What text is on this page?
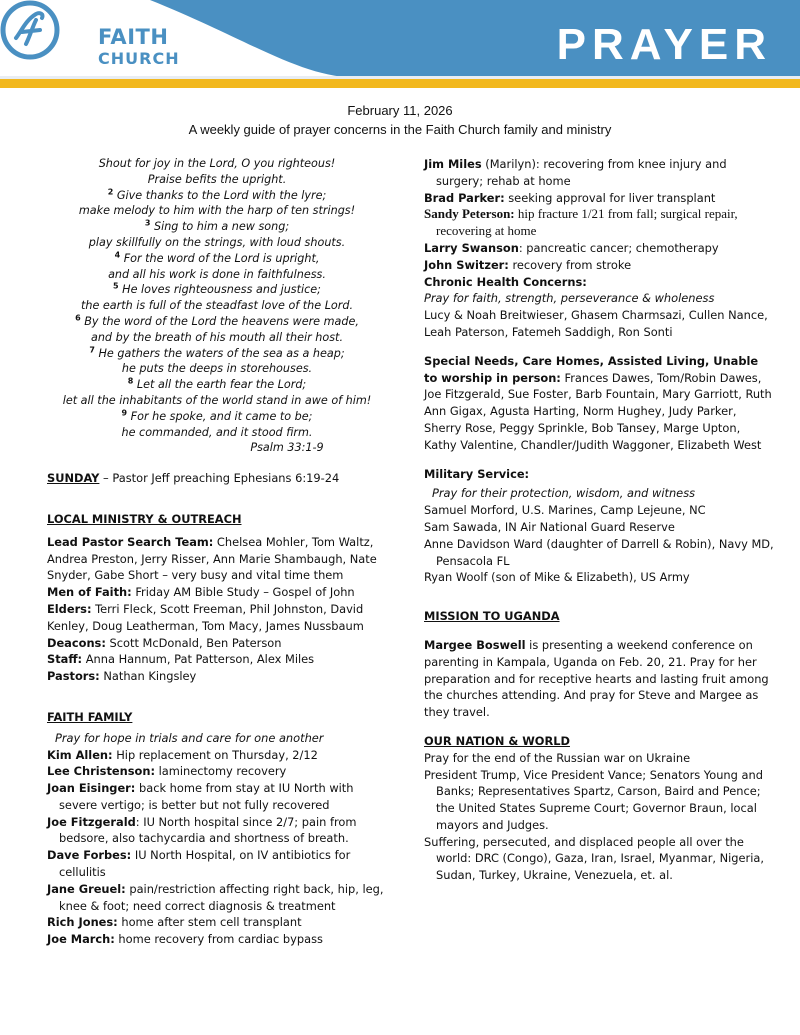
FAITH
CHURCH	PRAYER
February 11, 2026
A weekly guide of prayer concerns in the Faith Church family and ministry
Shout for joy in the Lord, O you righteous!
Praise befits the upright.
$^2$ Give thanks to the Lord with the lyre;
make melody to him with the harp of ten strings!
$^3$ Sing to him a new song;
play skillfully on the strings, with loud shouts.
$^4$ For the word of the Lord is upright,
and all his work is done in faithfulness.
$^5$ He loves righteousness and justice;
the earth is full of the steadfast love of the Lord.
$^6$ By the word of the Lord the heavens were made,
and by the breath of his mouth all their host.
$^7$ He gathers the waters of the sea as a heap;
he puts the deeps in storehouses.
$^8$ Let all the earth fear the Lord;
let all the inhabitants of the world stand in awe of him!
$^9$ For he spoke, and it came to be;
he commanded, and it stood firm.
Psalm 33:1-9

SUNDAY – Pastor Jeff preaching Ephesians 6:19-24

LOCAL MINISTRY & OUTREACH

Lead Pastor Search Team: Chelsea Mohler, Tom Waltz, Andrea Preston, Jerry Risser, Ann Marie Shambaugh, Nate Snyder, Gabe Short – very busy and vital time them

Men of Faith: Friday AM Bible Study – Gospel of John

Elders: Terri Fleck, Scott Freeman, Phil Johnston, David Kenley, Doug Leatherman, Tom Macy, James Nussbaum

Deacons: Scott McDonald, Ben Paterson

Staff: Anna Hannum, Pat Patterson, Alex Miles

Pastors: Nathan Kingsley

FAITH FAMILY

Pray for hope in trials and care for one another

Kim Allen: Hip replacement on Thursday, 2/12

Lee Christenson: laminectomy recovery

Joan Eisinger: back home from stay at IU North with severe vertigo; is better but not fully recovered

Joe Fitzgerald: IU North hospital since 2/7; pain from bedsore, also tachycardia and shortness of breath.

Dave Forbes: IU North Hospital, on IV antibiotics for cellulitis

Jane Greuel: pain/restriction affecting right back, hip, leg, knee & foot; need correct diagnosis & treatment

Rich Jones: home after stem cell transplant

Joe March: home recovery from cardiac bypass

Jim Miles (Marilyn): recovering from knee injury and surgery; rehab at home

Brad Parker: seeking approval for liver transplant

Sandy Peterson: hip fracture 1/21 from fall; surgical repair, recovering at home

Larry Swanson: pancreatic cancer; chemotherapy

John Switzer: recovery from stroke

Chronic Health Concerns:

Pray for faith, strength, perseverance & wholeness

Lucy & Noah Breitwieser, Ghasem Charmsazi, Cullen Nance, Leah Paterson, Fatemeh Saddigh, Ron Sonti

Special Needs, Care Homes, Assisted Living, Unable to worship in person: Frances Dawes, Tom/Robin Dawes, Joe Fitzgerald, Sue Foster, Barb Fountain, Mary Garriott, Ruth Ann Gigax, Agusta Harting, Norm Hughey, Judy Parker, Sherry Rose, Peggy Sprinkle, Bob Tansey, Marge Upton, Kathy Valentine, Chandler/Judith Waggoner, Elizabeth West

Military Service:

Pray for their protection, wisdom, and witness

Samuel Morford, U.S. Marines, Camp Lejeune, NC

Sam Sawada, IN Air National Guard Reserve

Anne Davidson Ward (daughter of Darrell & Robin), Navy MD, Pensacola FL

Ryan Woolf (son of Mike & Elizabeth), US Army

MISSION TO UGANDA

Margee Boswell is presenting a weekend conference on parenting in Kampala, Uganda on Feb. 20, 21. Pray for her preparation and for receptive hearts and lasting fruit among the churches attending. And pray for Steve and Margee as they travel.

OUR NATION & WORLD

Pray for the end of the Russian war on Ukraine

President Trump, Vice President Vance; Senators Young and Banks; Representatives Spartz, Carson, Baird and Pence; the United States Supreme Court; Governor Braun, local mayors and Judges.

Suffering, persecuted, and displaced people all over the world: DRC (Congo), Gaza, Iran, Israel, Myanmar, Nigeria, Sudan, Turkey, Ukraine, Venezuela, et. al.
